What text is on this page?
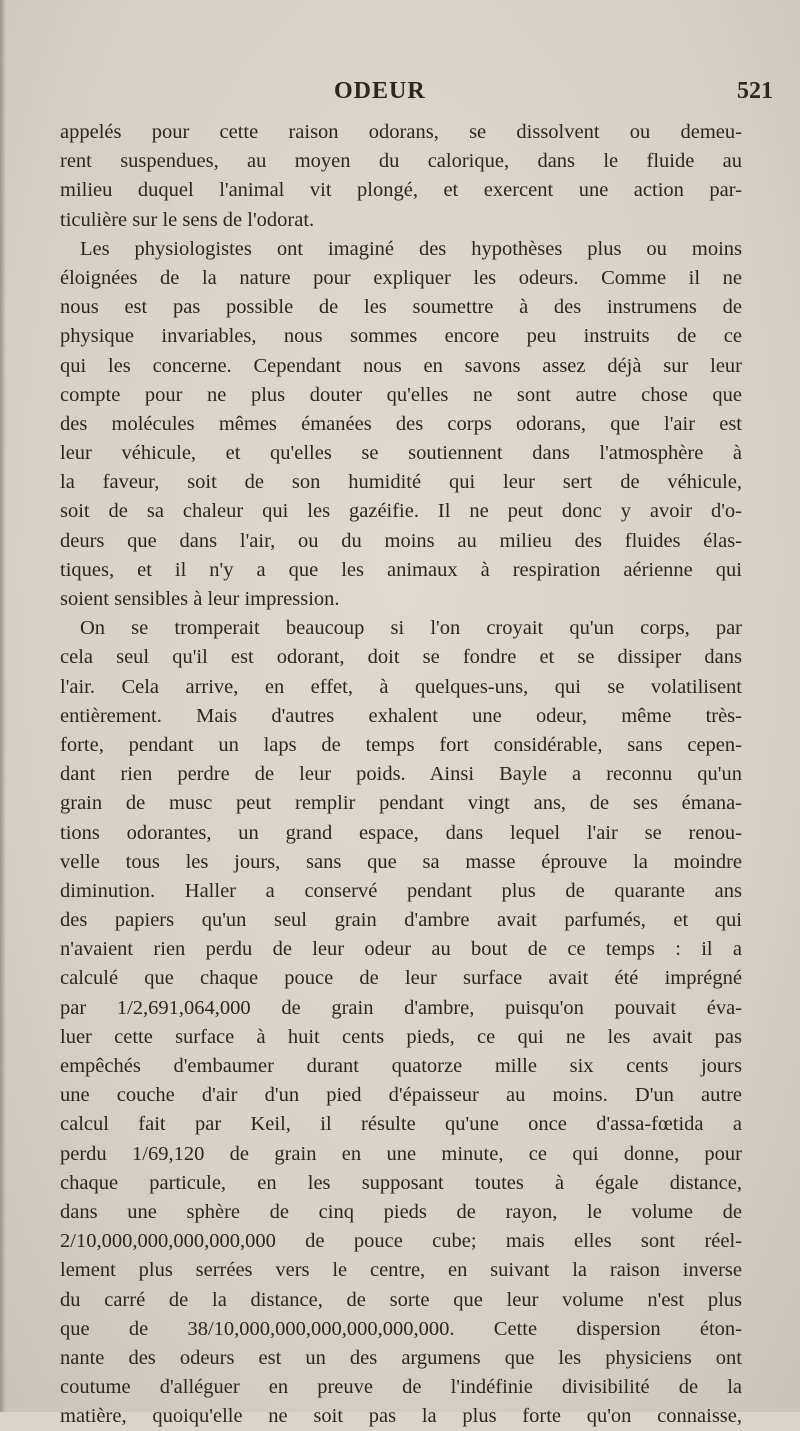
ODEUR	521
appelés pour cette raison odorans, se dissolvent ou demeu-
rent suspendues, au moyen du calorique, dans le fluide au
milieu duquel l'animal vit plongé, et exercent une action par-
ticulière sur le sens de l'odorat.
Les physiologistes ont imaginé des hypothèses plus ou moins
éloignées de la nature pour expliquer les odeurs. Comme il ne
nous est pas possible de les soumettre à des instrumens de
physique invariables, nous sommes encore peu instruits de ce
qui les concerne. Cependant nous en savons assez déjà sur leur
compte pour ne plus douter qu'elles ne sont autre chose que
des molécules mêmes émanées des corps odorans, que l'air est
leur véhicule, et qu'elles se soutiennent dans l'atmosphère à
la faveur, soit de son humidité qui leur sert de véhicule,
soit de sa chaleur qui les gazéifie. Il ne peut donc y avoir d'o-
deurs que dans l'air, ou du moins au milieu des fluides élas-
tiques, et il n'y a que les animaux à respiration aérienne qui
soient sensibles à leur impression.
On se tromperait beaucoup si l'on croyait qu'un corps, par
cela seul qu'il est odorant, doit se fondre et se dissiper dans
l'air. Cela arrive, en effet, à quelques-uns, qui se volatilisent
entièrement. Mais d'autres exhalent une odeur, même très-
forte, pendant un laps de temps fort considérable, sans cepen-
dant rien perdre de leur poids. Ainsi Bayle a reconnu qu'un
grain de musc peut remplir pendant vingt ans, de ses émana-
tions odorantes, un grand espace, dans lequel l'air se renou-
velle tous les jours, sans que sa masse éprouve la moindre
diminution. Haller a conservé pendant plus de quarante ans
des papiers qu'un seul grain d'ambre avait parfumés, et qui
n'avaient rien perdu de leur odeur au bout de ce temps : il a
calculé que chaque pouce de leur surface avait été imprégné
par 1/2,691,064,000 de grain d'ambre, puisqu'on pouvait éva-
luer cette surface à huit cents pieds, ce qui ne les avait pas
empêchés d'embaumer durant quatorze mille six cents jours
une couche d'air d'un pied d'épaisseur au moins. D'un autre
calcul fait par Keil, il résulte qu'une once d'assa-fœtida a
perdu 1/69,120 de grain en une minute, ce qui donne, pour
chaque particule, en les supposant toutes à égale distance,
dans une sphère de cinq pieds de rayon, le volume de
2/10,000,000,000,000,000 de pouce cube; mais elles sont réel-
lement plus serrées vers le centre, en suivant la raison inverse
du carré de la distance, de sorte que leur volume n'est plus
que de 38/10,000,000,000,000,000,000. Cette dispersion éton-
nante des odeurs est un des argumens que les physiciens ont
coutume d'alléguer en preuve de l'indéfinie divisibilité de la
matière, quoiqu'elle ne soit pas la plus forte qu'on connaisse,
